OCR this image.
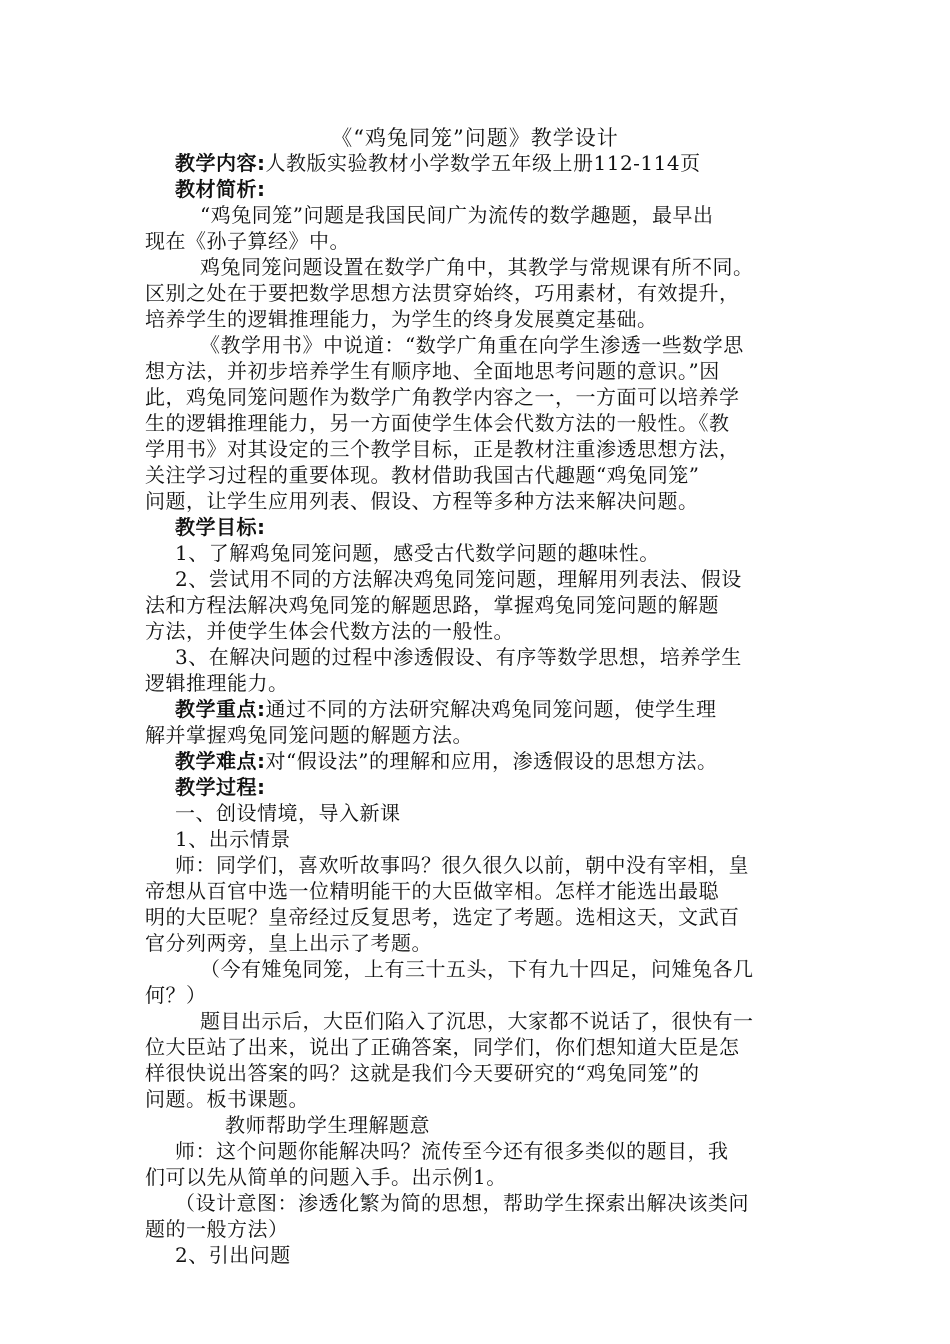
《“鸡兔同笼”问题》教学设计
教学内容:人教版实验教材小学数学五年级上册112-114页
教材简析:
“鸡兔同笼”问题是我国民间广为流传的数学趣题，最早出
现在《孙子算经》中。
鸡兔同笼问题设置在数学广角中，其教学与常规课有所不同。
区别之处在于要把数学思想方法贯穿始终，巧用素材，有效提升，
培养学生的逻辑推理能力，为学生的终身发展奠定基础。
《教学用书》中说道：“数学广角重在向学生渗透一些数学思
想方法，并初步培养学生有顺序地、全面地思考问题的意识。”因
此，鸡兔同笼问题作为数学广角教学内容之一，一方面可以培养学
生的逻辑推理能力，另一方面使学生体会代数方法的一般性。《教
学用书》对其设定的三个教学目标，正是教材注重渗透思想方法，
关注学习过程的重要体现。教材借助我国古代趣题“鸡兔同笼”
问题，让学生应用列表、假设、方程等多种方法来解决问题。
教学目标:
1、了解鸡兔同笼问题，感受古代数学问题的趣味性。
2、尝试用不同的方法解决鸡兔同笼问题，理解用列表法、假设
法和方程法解决鸡兔同笼的解题思路，掌握鸡兔同笼问题的解题
方法，并使学生体会代数方法的一般性。
3、在解决问题的过程中渗透假设、有序等数学思想，培养学生
逻辑推理能力。
教学重点:通过不同的方法研究解决鸡兔同笼问题，使学生理
解并掌握鸡兔同笼问题的解题方法。
教学难点:对“假设法”的理解和应用，渗透假设的思想方法。
教学过程:
一、创设情境，导入新课
1、出示情景
师：同学们，喜欢听故事吗？很久很久以前，朝中没有宰相，皇
帝想从百官中选一位精明能干的大臣做宰相。怎样才能选出最聪
明的大臣呢？皇帝经过反复思考，选定了考题。选相这天，文武百
官分列两旁，皇上出示了考题。
（今有雉兔同笼，上有三十五头，下有九十四足，问雉兔各几
何？）
题目出示后，大臣们陷入了沉思，大家都不说话了，很快有一
位大臣站了出来，说出了正确答案，同学们，你们想知道大臣是怎
样很快说出答案的吗？这就是我们今天要研究的“鸡兔同笼”的
问题。板书课题。
教师帮助学生理解题意
师：这个问题你能解决吗？流传至今还有很多类似的题目，我
们可以先从简单的问题入手。出示例1。
（设计意图：渗透化繁为简的思想，帮助学生探索出解决该类问
题的一般方法）
2、引出问题
